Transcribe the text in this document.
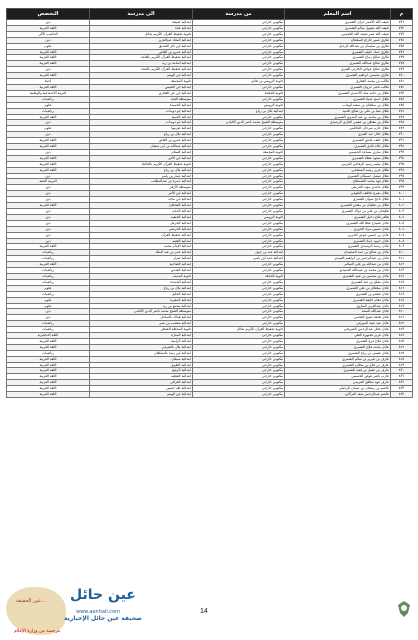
م	اسم المعلم	من مدرسة	الى مدرسة	التخصص
٧٧١	ضيف الله الأعمر جزان الشمري	مكتوبي خارجي	ابتدائية ضبيعة	دين
٧٧٢	ضيف الله مقبول سالم الشمري	مكتوبي خارجي	ابتدائية قناه	اللغة العربية
٧٧٣	ضيف الله عمر ضيف الله العجيمي	مكتوبي خارجي	ثانوية تحفيظ القرآن الكريم بحائل	الحاسب الآلي
٧٧٤	طارق عمير جازاع السلطان	مكتوبي خارجي	ابتدائية الملك عبدالعزيز	دين
٧٧٥	طارق بن سليمان بن عبدالله الرحيل	مكتوبي خارجي	ابتدائية ابن نكر الصديق	علوم
٧٧٦	طارق حماد خليف الشمري	مكتوبي خارجي	ابتدائية عمرو بن العاص	اللغة العربية
٧٧٧	طارق صالح رماح الشمري	مكتوبي خارجي	ابتدائية تحفيظ القرآن الكريم بالقاعد	اللغة العربية
٧٧٨	طارق صالح عبدالله الشمري	مكتوبي خارجي	ابتدائية أسامة بن زيد	اللغة العربية
٧٧٩	طارق صالح عواض الحارثي العنزي	مكتوبي خارجي	ابتدائية تحفيظ القرآن الكريم بالحجه	دين
٧٨٠	طارق محيسن ابراهيم الشمري	مكتوبي خارجي	ابتدائية ابن الهيثم	اللغة العربية
٧٨١	طالب بن محمد العقاري	ثانوية الرويس بن هادي	ثانوية المجمعة	احياء
٧٨٢	طالب ناصر حزوان الشمري	مكتوبي خارجي	ابتدائية ابن النفيس	اللغة العربية
٧٨٣	طلال بن حامد مناد الأحمدي الشمري	ثانوية الجعجة	ابتدائية ابن عن الغفاري	التربية الاجتماعية والوطنية
٧٨٤	طلال حمود صياد الشمري	مكتوبي خارجي	متوسطة الجنة	رياضيات
٧٨٥	طلال بن سلطان بن سعيد الهداب	ثانوية الرويس	ابتدائية الحميدة	علوم
٧٨٦	طلال ضبا بن علي بن صالح الحبيد	ابتدائية بلال بن رباح	ابتدائية ابو دويدات	رياضيات
٧٨٧	طلال بن محمد بن عيد المدوي الشمري	مكتوبي خارجي	ابتدائية الحبيبة	اللغة العربية
٧٨٨	طلال بن مقطن بن عقيبي الغازي الرشيدي	متوسطة الشيخ محمد ناصر الدين الالباني	ابتدائية ابو دويدات	دين
٧٨٩	طلال حازم سرحان الجلاليني	مكتوبي خارجي	ابتدائية ضرمها	علوم
٧٩٠	طلال خلال حيد العنزي	مكتوبي خارجي	ابتدائية بلال بن رباح	دين
٧٩١	طلال خلف عايض الشمري	مكتوبي خارجي	ابتدائية عمرو بن العاص	اللغة العربية
٧٩٢	طلال خالد قادي الشمري	مكتوبي خارجي	ابتدائية عبدالله بن ابي سفيان	اللغة العربية
٧٩٣	طلال ساري مساعد الحسيني	ثانوية المجمعة	ابتدائية السلام	دين
٧٩٤	طلال سعود عقلاء الشمري	مكتوبي خارجي	ابتدائية ابن الأثير	اللغة العربية
٧٩٥	طلال سليم رشيد الرفاعي العريبي	مكتوبي خارجي	ثانوية تحفيظ القرآن الكريم بالحائط	اللغة العربية
٧٩٦	طلال عزيز رشيد المصلحي	مكتوبي خارجي	ابتدائية بلال بن رباح	اللغة العربية
٧٩٧	طلال فيصل حسيكان الشمري	مكتوبي خارجي	ابتدائية عمار بن ياسر	دين
٧٩٨	طلال فهد محمد الشمطاع	مكتوبي خارجي	ابتدائية حمزة بن عبدالمطلب	التربية الفنية
٧٩٩	طلال ماجدي مؤيد الحرملي	مكتوبي خارجي	متوسطة الأزهر	دين
٨٠٠	طلال مقرع عاطف الطوفي	مكتوبي خارجي	ابتدائية ابن الأثير	دين
٨٠١	طلال ناجح سوان الشمري	مكتوبي خارجي	ابتدائية ابن ماجه	دين
٨٠٢	طلال بن عطيان بن معجن الشمري	مكتوبي خارجي	ابتدائية الشاطئ	اللغة العربية
٨٠٣	طليحان بن علي بن دواك الشمري	مكتوبي خارجي	ابتدائية الدبابه	دين
٨٠٤	ظافر فلاح دخيل الشمري	ثانوية الرويس	ابتدائية الحنفيه	دين
٨٠٥	عادل صنيدح عطا الله الشمري	مكتوبي خارجي	ابتدائية الحرمل	دين
٨٠٦	عادل حسين مراد الحوزي	مكتوبي خارجي	ابتدائية الحرملي	دين
٨٠٧	عادل بن حسين عوض الحربي	مكتوبي خارجي	ابتدائية تحفيظ القرآن	دين
٨٠٨	عادل حمود حماد الشمري	مكتوبي خارجي	ابتدائية العقبه	دين
٨٠٩	عادل رشيد الرشيدي الشمري	مكتوبي خارجي	ابتدائية الإمام محمد	اللغة العربية
٨١٠	عادل بن صالح بن حمد السليمان	ابتدائية عبد بن جوف	ابتدائية عمر بن عبد الملك	رياضيات
٨١١	عادل بن عبدالرحمن بن ابراهيم العبيدي	ابتدائية حمد ابن ياسر	ابتدائية ضرار	رياضيات
٨١٢	عادل بن عبدالله بن علي السالم	مكتوبي خارجي	ابتدائية الضاحية	اللغة العربية
٨١٣	عادل بن محمد بن عبيدالله الحميدي	مكتوبي خارجي	ابتدائية القدس	رياضيات
٨١٤	عادل بن محسن بن عبيد الشمري	ثانوية الحجلة	ثانوية المدينه	رياضيات
٨١٥	عادل مفلح بن عبد الشمري	مكتوبي خارجي	ابتدائية الجديدة	رياضيات
٨١٦	عادل سلطان بن علي الشمري	مكتوبي خارجي	ابتدائية بلال بن رباح	علوم
٨١٧	عادل ضفدو بن الشمري	مكتوبي خارجي	ابتدائية الخليل	رياضيات
٨١٨	عادل دهام خليفة الشمري	مكتوبي خارجي	ابتدائية المعيرة	علوم
٨١٩	عادل عبدالعزيز المناوي	مكتوبي خارجي	ابتدائية مجمع بن زيد	علوم
٨٢٠	عادل عبدالله السعد	مكتوبي خارجي	متوسطة الشيخ محمد ناصر الدين الألباني	دين
٨٢١	عادل هدهد صبيح العجمي	مكتوبي خارجي	ابتدائية هداك بالساحل	دين
٨٢٢	عادل عيد عبيد المورقي	مكتوبي خارجي	ابتدائية معصب بن عمر	رياضيات
٨٢٣	عادل عجل عبدالرحمن الصريخي	ثانوية تحفيظ القرآن الكريم بحائل	ثانوية المحطة الشطر	رياضيات
٨٢٤	عادل غزيز عجيهرة العلي	مكتوبي خارجي	ابتدائية المبارة	اللغة الانجليزية
٨٢٥	عادل فلاح فرغ الشمري	مكتوبي خارجي	ابتدائية الرامية	اللغة العربية
٨٢٦	عادل محمد فلاح الشمري	مكتوبي خارجي	ابتدائية بلال بالشرفي	اللغة العربية
٨٢٧	عادل نشمي بن رباح الشمري	مكتوبي خارجي	ابتدائية ابن رشد بالسلطان	رياضيات
٨٢٨	عارف بن ضرير بن سالم الشمري	مكتوبي خارجي	ابتدائية سيفان	اللغة العربية
٨٢٩	عارف بن فلاح بن مطارد الشمري	مكتوبي خارجي	ابتدائية الطويل	اللغة العربية
٨٣٠	عارف بن عقيل بن قعيد الشمري	مكتوبي خارجي	ابتدائية الرفيع	اللغة العربية
٨٣١	عازب ناصر عوض الحسيني	مكتوبي خارجي	ابتدائية العطيه	اللغة العربية
٨٣٢	عارف فهد مطلق الفريمي	مكتوبي خارجي	ابتدائية الغزالي	اللغة العربية
٨٣٣	عاصم بن رمضان بن سبيان الرحيلي	مكتوبي خارجي	ابتدائية طه حسين	اللغة العربية
٨٣٤	عاصم عبدالرحمن سعد التركاني	مكتوبي خارجي	ابتدائية ابن الهيثم	اللغة العربية
14
عين حائل
عين الحقيقة...
www.aenhail.com
صحيفة عين حائل الإخبارية
مرخصة من وزارة الإعلام
